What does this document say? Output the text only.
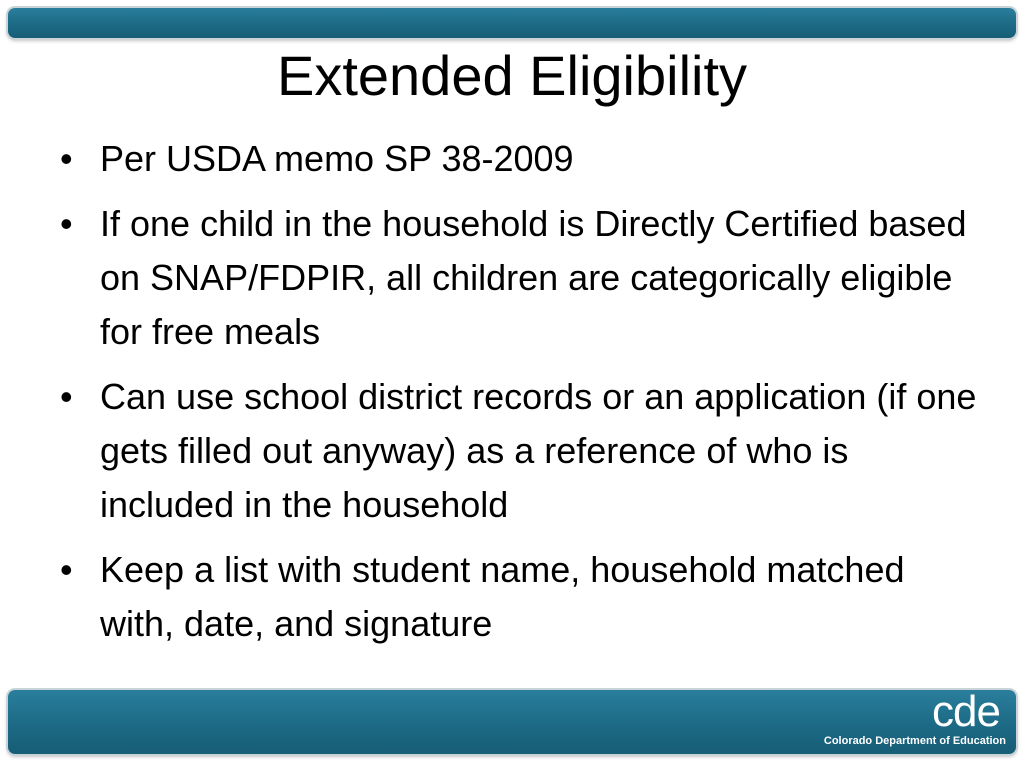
Extended Eligibility
• Per USDA memo SP 38-2009
• If one child in the household is Directly Certified based on SNAP/FDPIR, all children are categorically eligible for free meals
• Can use school district records or an application (if one gets filled out anyway) as a reference of who is included in the household
• Keep a list with student name, household matched with, date, and signature
cde
Colorado Department of Education
